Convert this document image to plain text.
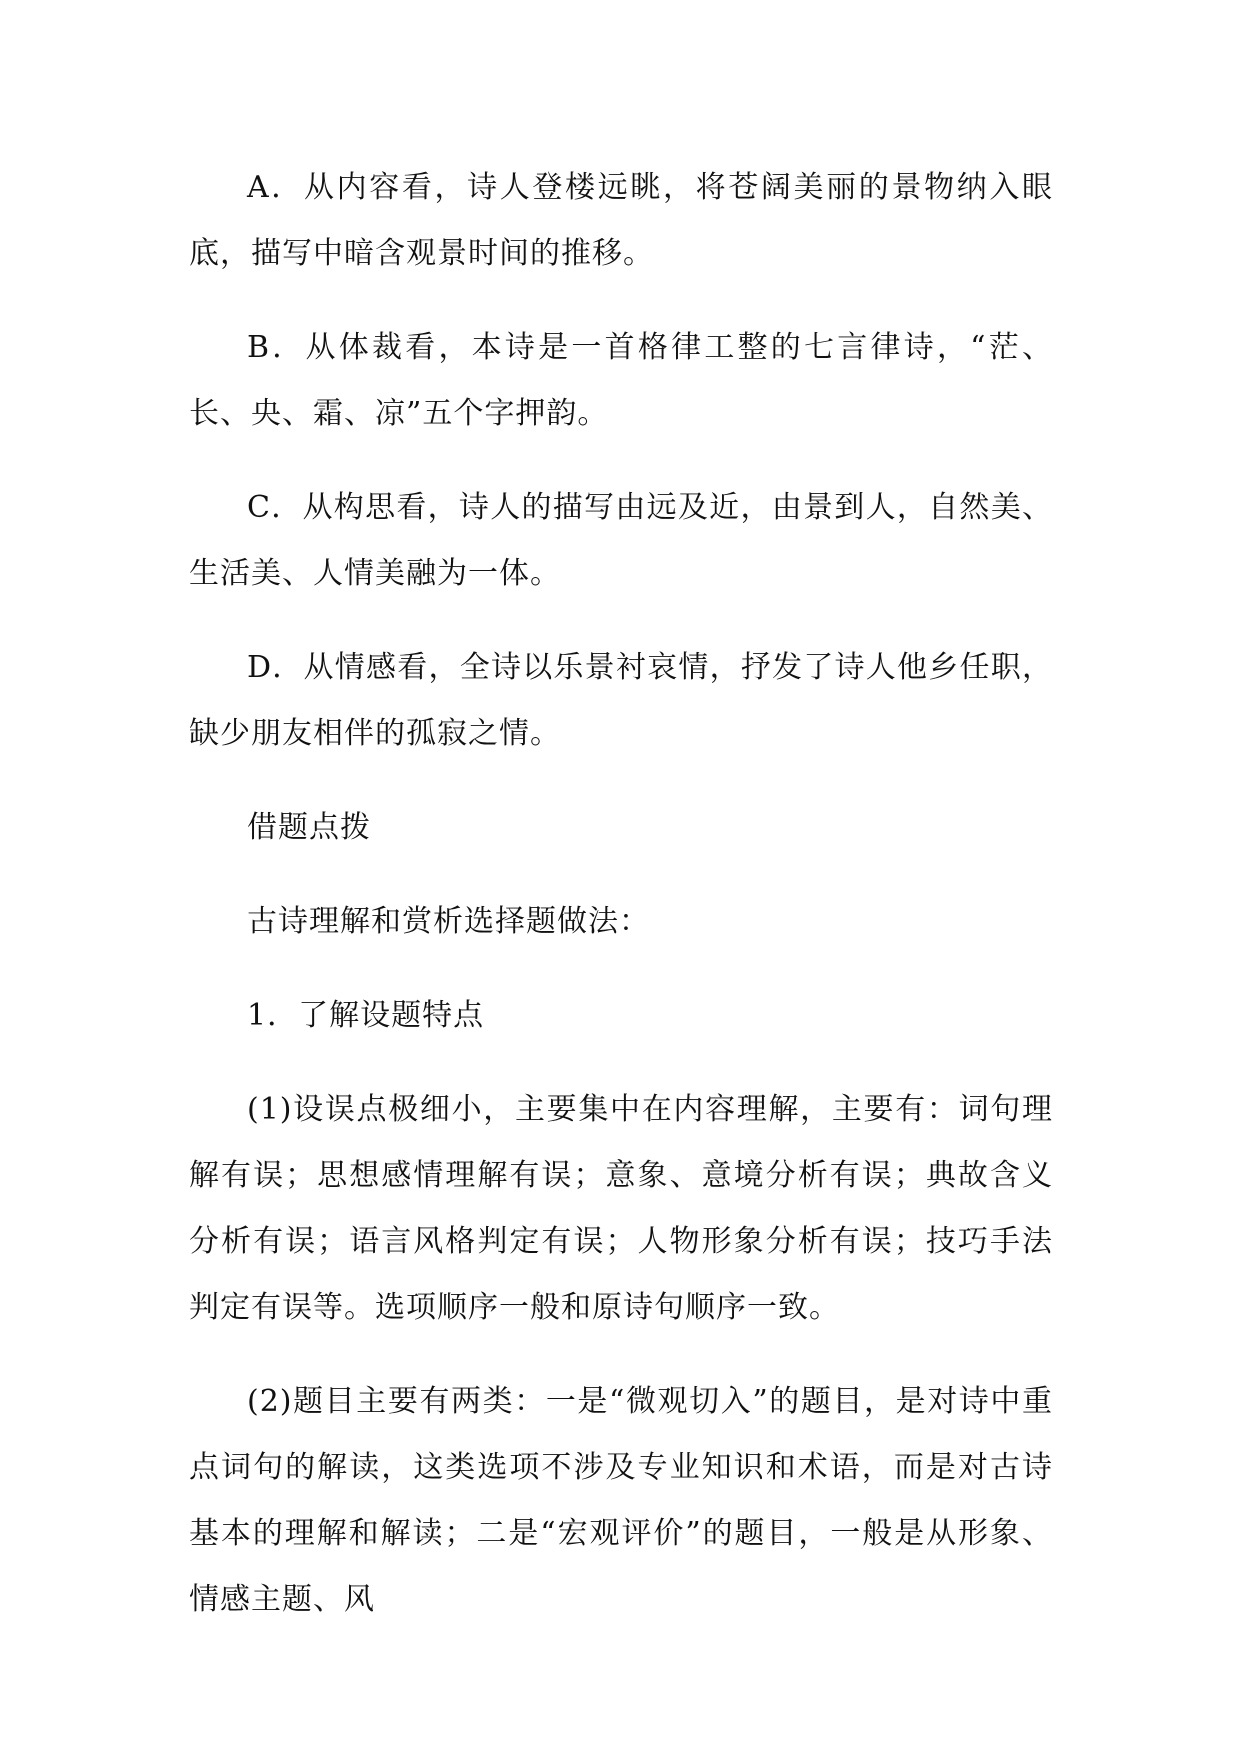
A．从内容看，诗人登楼远眺，将苍阔美丽的景物纳入眼底，描写中暗含观景时间的推移。

B．从体裁看，本诗是一首格律工整的七言律诗，“茫、长、央、霜、凉”五个字押韵。

C．从构思看，诗人的描写由远及近，由景到人，自然美、生活美、人情美融为一体。

D．从情感看，全诗以乐景衬哀情，抒发了诗人他乡任职，缺少朋友相伴的孤寂之情。

借题点拨

古诗理解和赏析选择题做法：

1．了解设题特点

(1)设误点极细小，主要集中在内容理解，主要有：词句理解有误；思想感情理解有误；意象、意境分析有误；典故含义分析有误；语言风格判定有误；人物形象分析有误；技巧手法判定有误等。选项顺序一般和原诗句顺序一致。

(2)题目主要有两类：一是“微观切入”的题目，是对诗中重点词句的解读，这类选项不涉及专业知识和术语，而是对古诗基本的理解和解读；二是“宏观评价”的题目，一般是从形象、情感主题、风
